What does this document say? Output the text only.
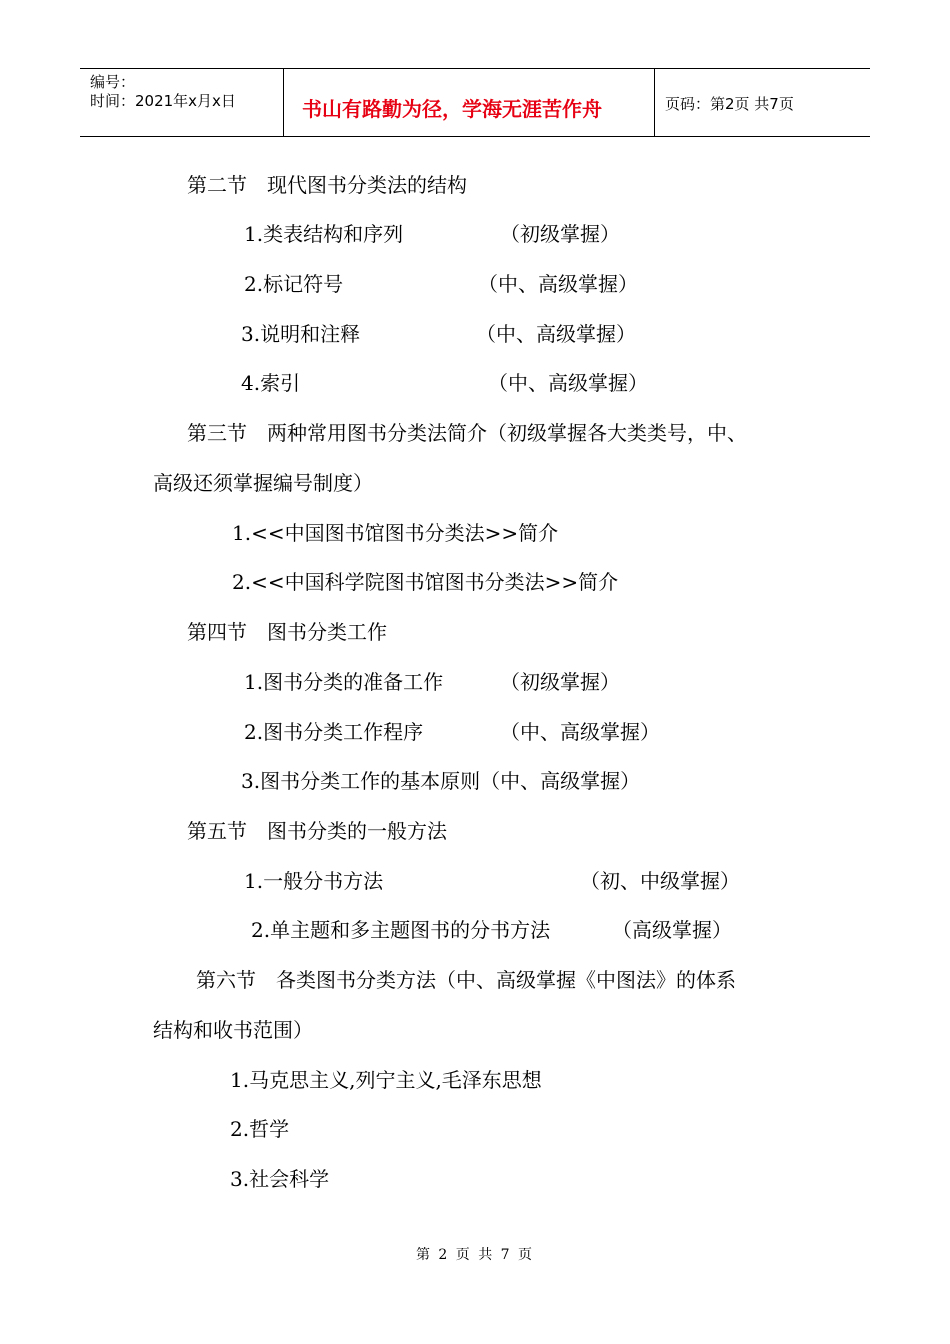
编号：
时间：2021年x月x日	书山有路勤为径，学海无涯苦作舟	页码：第2页 共7页
第二节　现代图书分类法的结构
1.类表结构和序列	（初级掌握）
2.标记符号	（中、高级掌握）
3.说明和注释	（中、高级掌握）
4.索引	（中、高级掌握）
第三节　两种常用图书分类法简介（初级掌握各大类类号，中、
高级还须掌握编号制度）
1.<<中国图书馆图书分类法>>简介
2.<<中国科学院图书馆图书分类法>>简介
第四节　图书分类工作
1.图书分类的准备工作	（初级掌握）
2.图书分类工作程序	（中、高级掌握）
3.图书分类工作的基本原则（中、高级掌握）
第五节　图书分类的一般方法
1.一般分书方法	（初、中级掌握）
2.单主题和多主题图书的分书方法	（高级掌握）
第六节　各类图书分类方法（中、高级掌握《中图法》的体系
结构和收书范围）
1.马克思主义,列宁主义,毛泽东思想
2.哲学
3.社会科学
第 2 页 共 7 页
